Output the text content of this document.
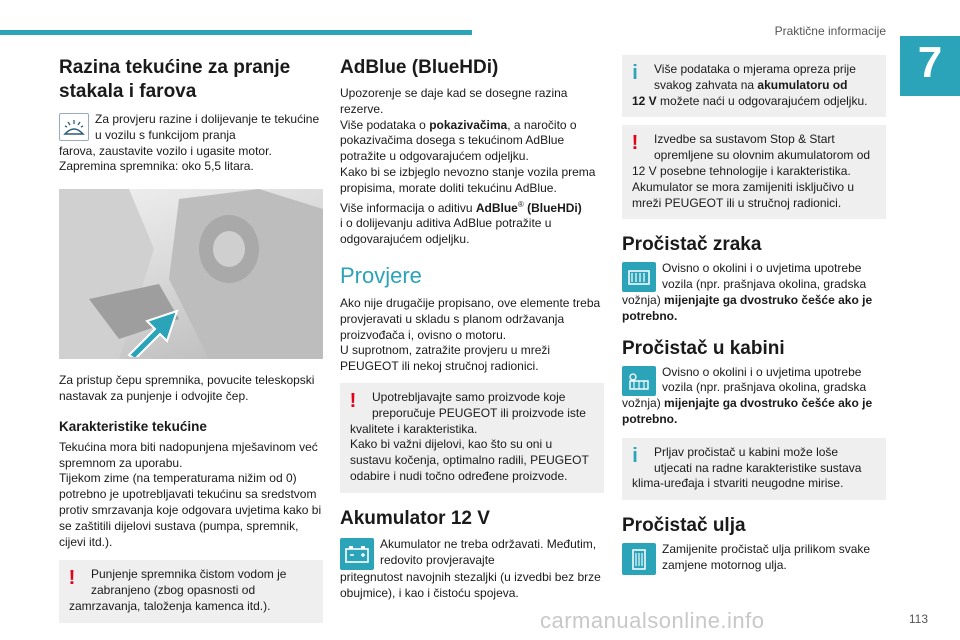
Praktične informacije
7
Razina tekućine za pranje stakala i farova

Za provjeru razine i dolijevanje te tekućine u vozilu s funkcijom pranja

farova, zaustavite vozilo i ugasite motor.

Zapremina spremnika: oko 5,5 litara.

Za pristup čepu spremnika, povucite teleskopski nastavak za punjenje i odvojite čep.

Karakteristike tekućine

Tekućina mora biti nadopunjena mješavinom već spremnom za uporabu.

Tijekom zime (na temperaturama nižim od 0) potrebno je upotrebljavati tekućinu sa sredstvom protiv smrzavanja koje odgovara uvjetima kako bi se zaštitili dijelovi sustava (pumpa, spremnik, cijevi itd.).

!	Punjenje spremnika čistom vodom je zabranjeno (zbog opasnosti od

zamrzavanja, taloženja kamenca itd.).

AdBlue (BlueHDi)

Upozorenje se daje kad se dosegne razina rezerve.

Više podataka o pokazivačima, a naročito o pokazivačima dosega s tekućinom AdBlue potražite u odgovarajućem odjeljku.

Kako bi se izbjeglo nevozno stanje vozila prema propisima, morate doliti tekućinu AdBlue.

Više informacija o aditivu AdBlue® (BlueHDi)
i o dolijevanju aditiva AdBlue potražite u odgovarajućem odjeljku.

Provjere

Ako nije drugačije propisano, ove elemente treba provjeravati u skladu s planom održavanja proizvođača i, ovisno o motoru.

U suprotnom, zatražite provjeru u mreži PEUGEOT ili nekoj stručnoj radionici.

!	Upotrebljavajte samo proizvode koje preporučuje PEUGEOT ili proizvode iste

kvalitete i karakteristika.

Kako bi važni dijelovi, kao što su oni u sustavu kočenja, optimalno radili, PEUGEOT odabire i nudi točno određene proizvode.

Akumulator 12 V

Akumulator ne treba održavati. Međutim, redovito provjeravajte

pritegnutost navojnih stezaljki (u izvedbi bez brze obujmice), i kao i čistoću spojeva.

i	Više podataka o mjerama opreza prije svakog zahvata na akumulatoru od

12 V možete naći u odgovarajućem odjeljku.

!	Izvedbe sa sustavom Stop & Start opremljene su olovnim akumulatorom od

12 V posebne tehnologije i karakteristika. Akumulator se mora zamijeniti isključivo u mreži PEUGEOT ili u stručnoj radionici.

Pročistač zraka

Ovisno o okolini i o uvjetima upotrebe vozila (npr. prašnjava okolina, gradska

vožnja) mijenjajte ga dvostruko češće ako je potrebno.

Pročistač u kabini

Ovisno o okolini i o uvjetima upotrebe vozila (npr. prašnjava okolina, gradska

vožnja) mijenjajte ga dvostruko češće ako je potrebno.

i	Prljav pročistač u kabini može loše utjecati na radne karakteristike sustava

klima-uređaja i stvariti neugodne mirise.

Pročistač ulja

Zamijenite pročistač ulja prilikom svake zamjene motornog ulja.

carmanualsonline.info	113
